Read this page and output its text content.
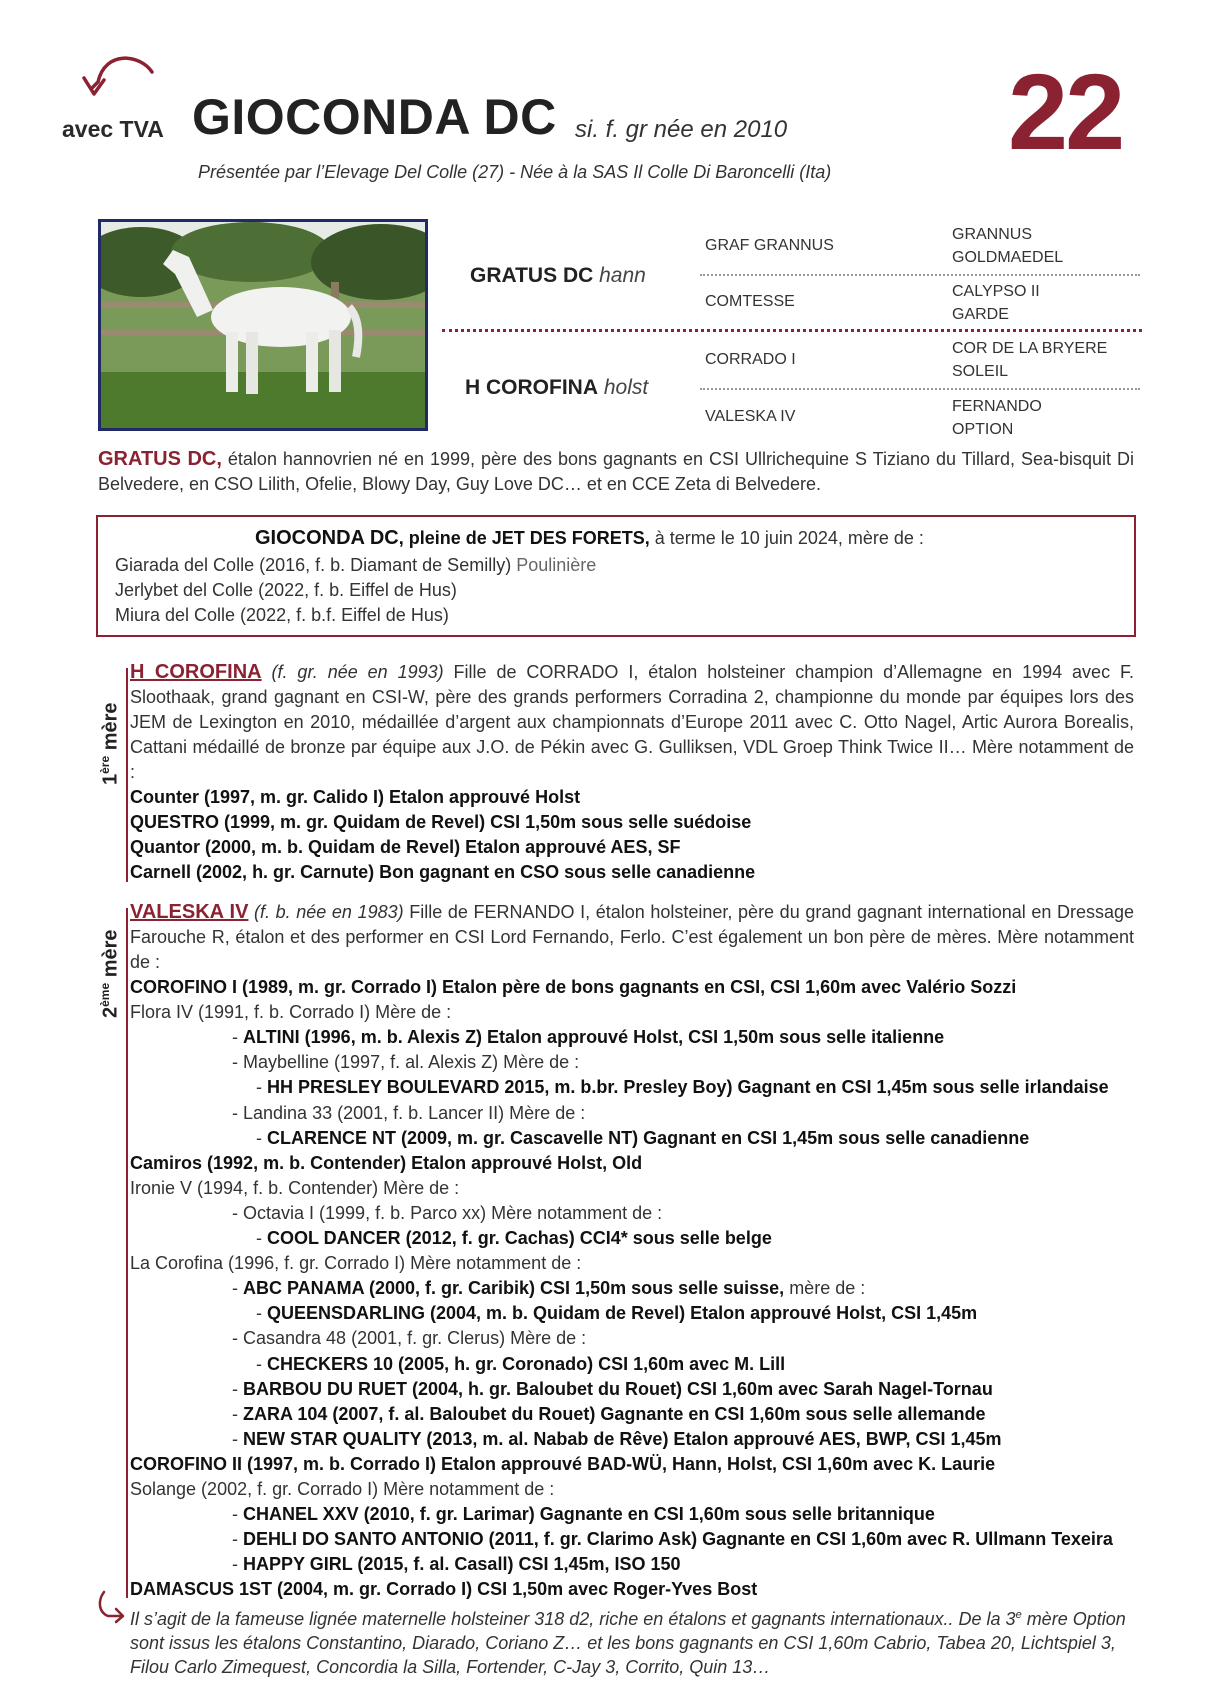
avec TVA GIOCONDA DC si. f. gr née en 2010 22
Présentée par l’Elevage Del Colle (27) - Née à la SAS Il Colle Di Baroncelli (Ita)
GRATUS DC hann
H COROFINA holst
GRAF GRANNUS
COMTESSE
CORRADO I
VALESKA IV
GRANNUS
GOLDMAEDEL
CALYPSO II
GARDE
COR DE LA BRYERE
SOLEIL
FERNANDO
OPTION
GRATUS DC, étalon hannovrien né en 1999, père des bons gagnants en CSI Ullrichequine S Tiziano du Tillard, Sea-bisquit Di Belvedere, en CSO Lilith, Ofelie, Blowy Day, Guy Love DC… et en CCE Zeta di Belvedere.
GIOCONDA DC, pleine de JET DES FORETS, à terme le 10 juin 2024, mère de :
Giarada del Colle (2016, f. b. Diamant de Semilly) Poulinière
Jerlybet del Colle (2022, f. b. Eiffel de Hus)
Miura del Colle (2022, f. b.f. Eiffel de Hus)
1ère mère
H COROFINA (f. gr. née en 1993) Fille de CORRADO I, étalon holsteiner champion d’Allemagne en 1994 avec F. Sloothaak, grand gagnant en CSI-W, père des grands performers Corradina 2, championne du monde par équipes lors des JEM de Lexington en 2010, médaillée d’argent aux championnats d’Europe 2011 avec C. Otto Nagel, Artic Aurora Borealis, Cattani médaillé de bronze par équipe aux J.O. de Pékin avec G. Gulliksen, VDL Groep Think Twice II… Mère notamment de :
Counter (1997, m. gr. Calido I) Etalon approuvé Holst
QUESTRO (1999, m. gr. Quidam de Revel) CSI 1,50m sous selle suédoise
Quantor (2000, m. b. Quidam de Revel) Etalon approuvé AES, SF
Carnell (2002, h. gr. Carnute) Bon gagnant en CSO sous selle canadienne
2ème mère
VALESKA IV (f. b. née en 1983) Fille de FERNANDO I, étalon holsteiner, père du grand gagnant international en Dressage Farouche R, étalon et des performer en CSI Lord Fernando, Ferlo. C’est également un bon père de mères. Mère notamment de :
COROFINO I (1989, m. gr. Corrado I) Etalon père de bons gagnants en CSI, CSI 1,60m avec Valério Sozzi
Flora IV (1991, f. b. Corrado I) Mère de :
- ALTINI (1996, m. b. Alexis Z) Etalon approuvé Holst, CSI 1,50m sous selle italienne
- Maybelline (1997, f. al. Alexis Z) Mère de :
- HH PRESLEY BOULEVARD 2015, m. b.br. Presley Boy) Gagnant en CSI 1,45m sous selle irlandaise
- Landina 33 (2001, f. b. Lancer II) Mère de :
- CLARENCE NT (2009, m. gr. Cascavelle NT) Gagnant en CSI 1,45m sous selle canadienne
Camiros (1992, m. b. Contender) Etalon approuvé Holst, Old
Ironie V (1994, f. b. Contender) Mère de :
- Octavia I (1999, f. b. Parco xx) Mère notamment de :
- COOL DANCER (2012, f. gr. Cachas) CCI4* sous selle belge
La Corofina (1996, f. gr. Corrado I) Mère notamment de :
- ABC PANAMA (2000, f. gr. Caribik) CSI 1,50m sous selle suisse, mère de :
- QUEENSDARLING (2004, m. b. Quidam de Revel) Etalon approuvé Holst, CSI 1,45m
- Casandra 48 (2001, f. gr. Clerus) Mère de :
- CHECKERS 10 (2005, h. gr. Coronado) CSI 1,60m avec M. Lill
- BARBOU DU RUET (2004, h. gr. Baloubet du Rouet) CSI 1,60m avec Sarah Nagel-Tornau
- ZARA 104 (2007, f. al. Baloubet du Rouet) Gagnante en CSI 1,60m sous selle allemande
- NEW STAR QUALITY (2013, m. al. Nabab de Rêve) Etalon approuvé AES, BWP, CSI 1,45m
COROFINO II (1997, m. b. Corrado I) Etalon approuvé BAD-WÜ, Hann, Holst, CSI 1,60m avec K. Laurie
Solange (2002, f. gr. Corrado I) Mère notamment de :
- CHANEL XXV (2010, f. gr. Larimar) Gagnante en CSI 1,60m sous selle britannique
- DEHLI DO SANTO ANTONIO (2011, f. gr. Clarimo Ask) Gagnante en CSI 1,60m avec R. Ullmann Texeira
- HAPPY GIRL (2015, f. al. Casall) CSI 1,45m, ISO 150
DAMASCUS 1ST (2004, m. gr. Corrado I) CSI 1,50m avec Roger-Yves Bost
Il s’agit de la fameuse lignée maternelle holsteiner 318 d2, riche en étalons et gagnants internationaux.. De la 3e mère Option sont issus les étalons Constantino, Diarado, Coriano Z… et les bons gagnants en CSI 1,60m Cabrio, Tabea 20, Lichtspiel 3, Filou Carlo Zimequest, Concordia la Silla, Fortender, C-Jay 3, Corrito, Quin 13…
